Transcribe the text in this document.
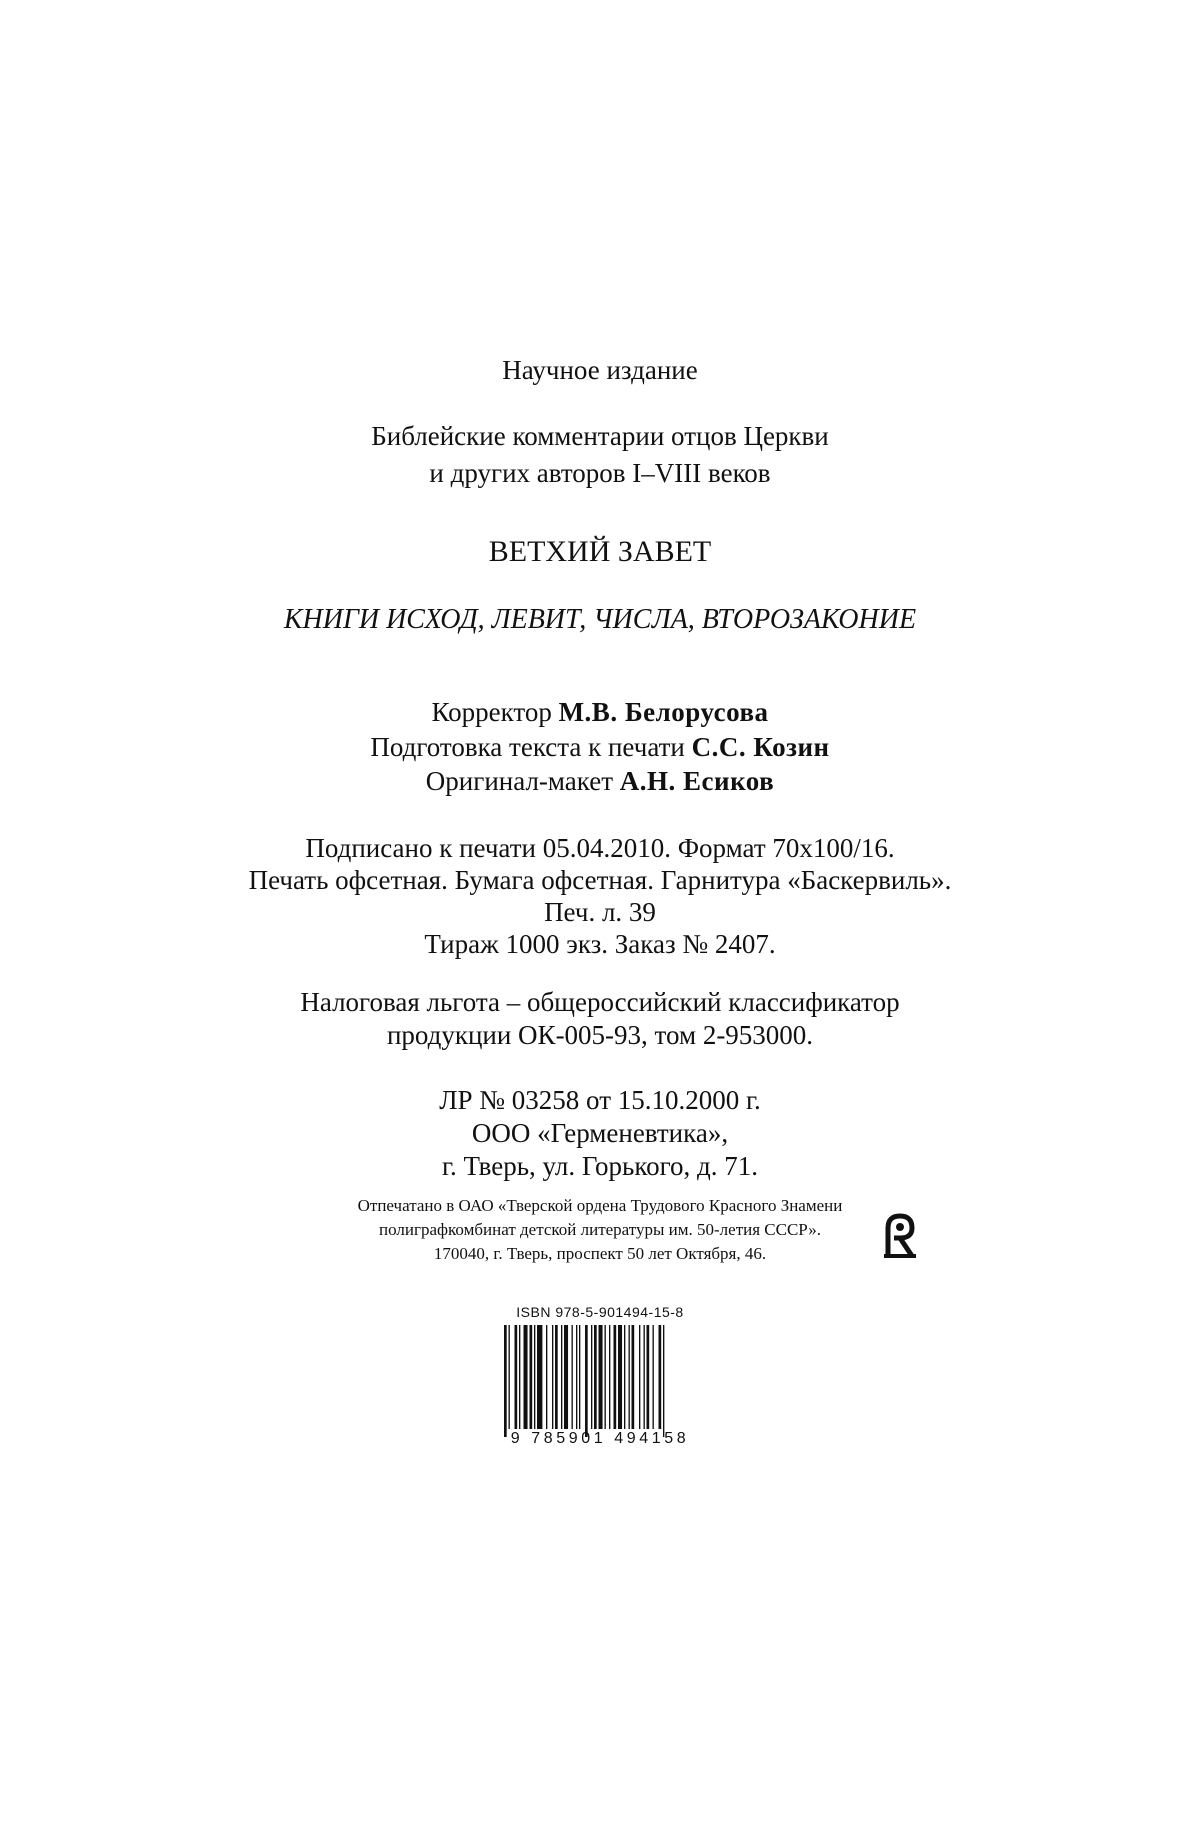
Научное издание
Библейские комментарии отцов Церкви
и других авторов I–VIII веков
ВЕТХИЙ ЗАВЕТ
КНИГИ ИСХОД, ЛЕВИТ, ЧИСЛА, ВТОРОЗАКОНИЕ
Корректор М.В. Белорусова
Подготовка текста к печати С.С. Козин
Оригинал-макет А.Н. Есиков
Подписано к печати 05.04.2010. Формат 70x100/16.
Печать офсетная. Бумага офсетная. Гарнитура «Баскервиль».
Печ. л. 39
Тираж 1000 экз. Заказ № 2407.
Налоговая льгота – общероссийский классификатор
продукции ОК-005-93, том 2-953000.
ЛР № 03258 от 15.10.2000 г.
ООО «Герменевтика»,
г. Тверь, ул. Горького, д. 71.
Отпечатано в ОАО «Тверской ордена Трудового Красного Знамени
полиграфкомбинат детской литературы им. 50-летия СССР».
170040, г. Тверь, проспект 50 лет Октября, 46.
ISBN 978-5-901494-15-8
9 785901 494158
